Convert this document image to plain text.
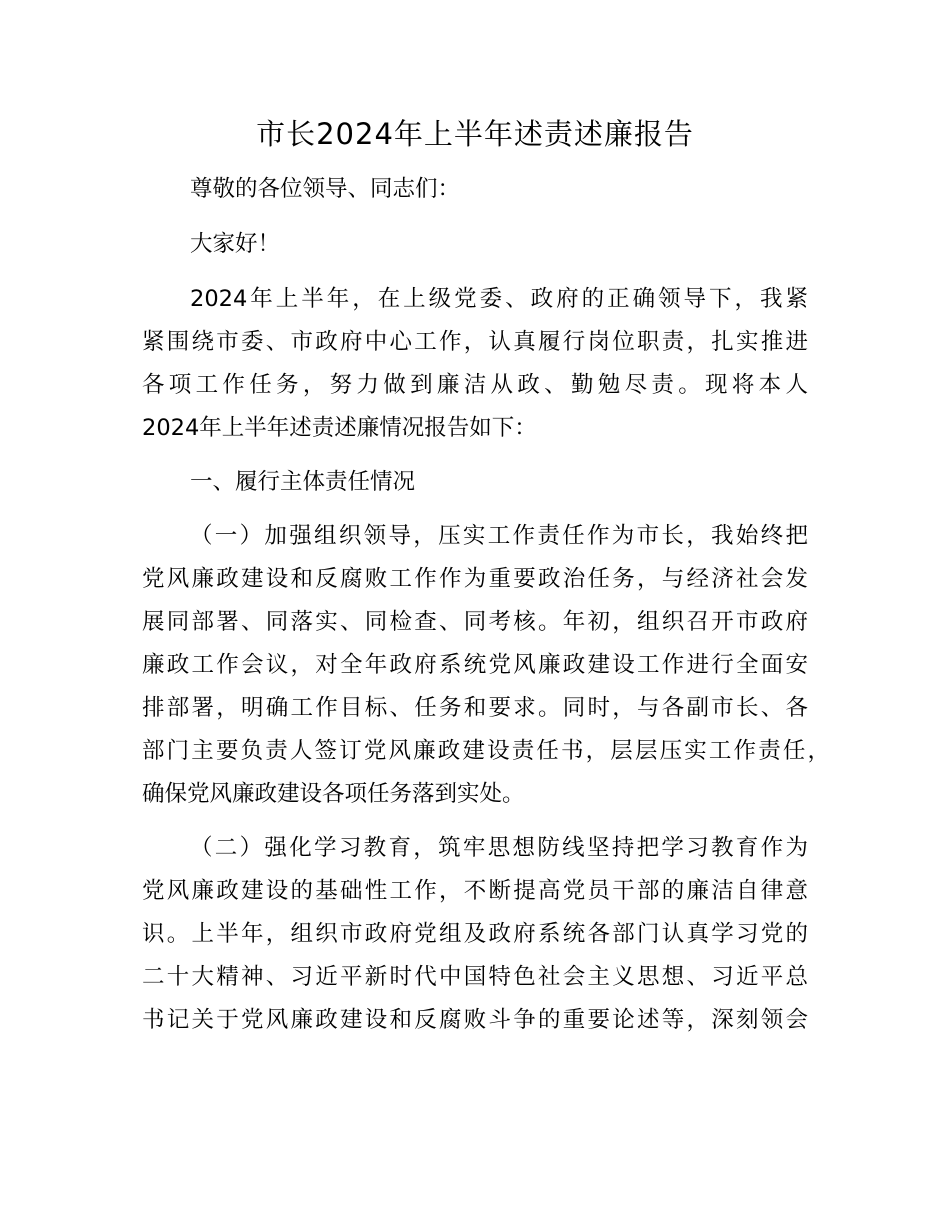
市长2024年上半年述责述廉报告
尊敬的各位领导、同志们：
大家好！
2024年上半年，在上级党委、政府的正确领导下，我紧
紧围绕市委、市政府中心工作，认真履行岗位职责，扎实推进
各项工作任务，努力做到廉洁从政、勤勉尽责。现将本人
2024年上半年述责述廉情况报告如下：
一、履行主体责任情况
（一）加强组织领导，压实工作责任作为市长，我始终把
党风廉政建设和反腐败工作作为重要政治任务，与经济社会发
展同部署、同落实、同检查、同考核。年初，组织召开市政府
廉政工作会议，对全年政府系统党风廉政建设工作进行全面安
排部署，明确工作目标、任务和要求。同时，与各副市长、各
部门主要负责人签订党风廉政建设责任书，层层压实工作责任，
确保党风廉政建设各项任务落到实处。
（二）强化学习教育，筑牢思想防线坚持把学习教育作为
党风廉政建设的基础性工作，不断提高党员干部的廉洁自律意
识。上半年，组织市政府党组及政府系统各部门认真学习党的
二十大精神、习近平新时代中国特色社会主义思想、习近平总
书记关于党风廉政建设和反腐败斗争的重要论述等，深刻领会
